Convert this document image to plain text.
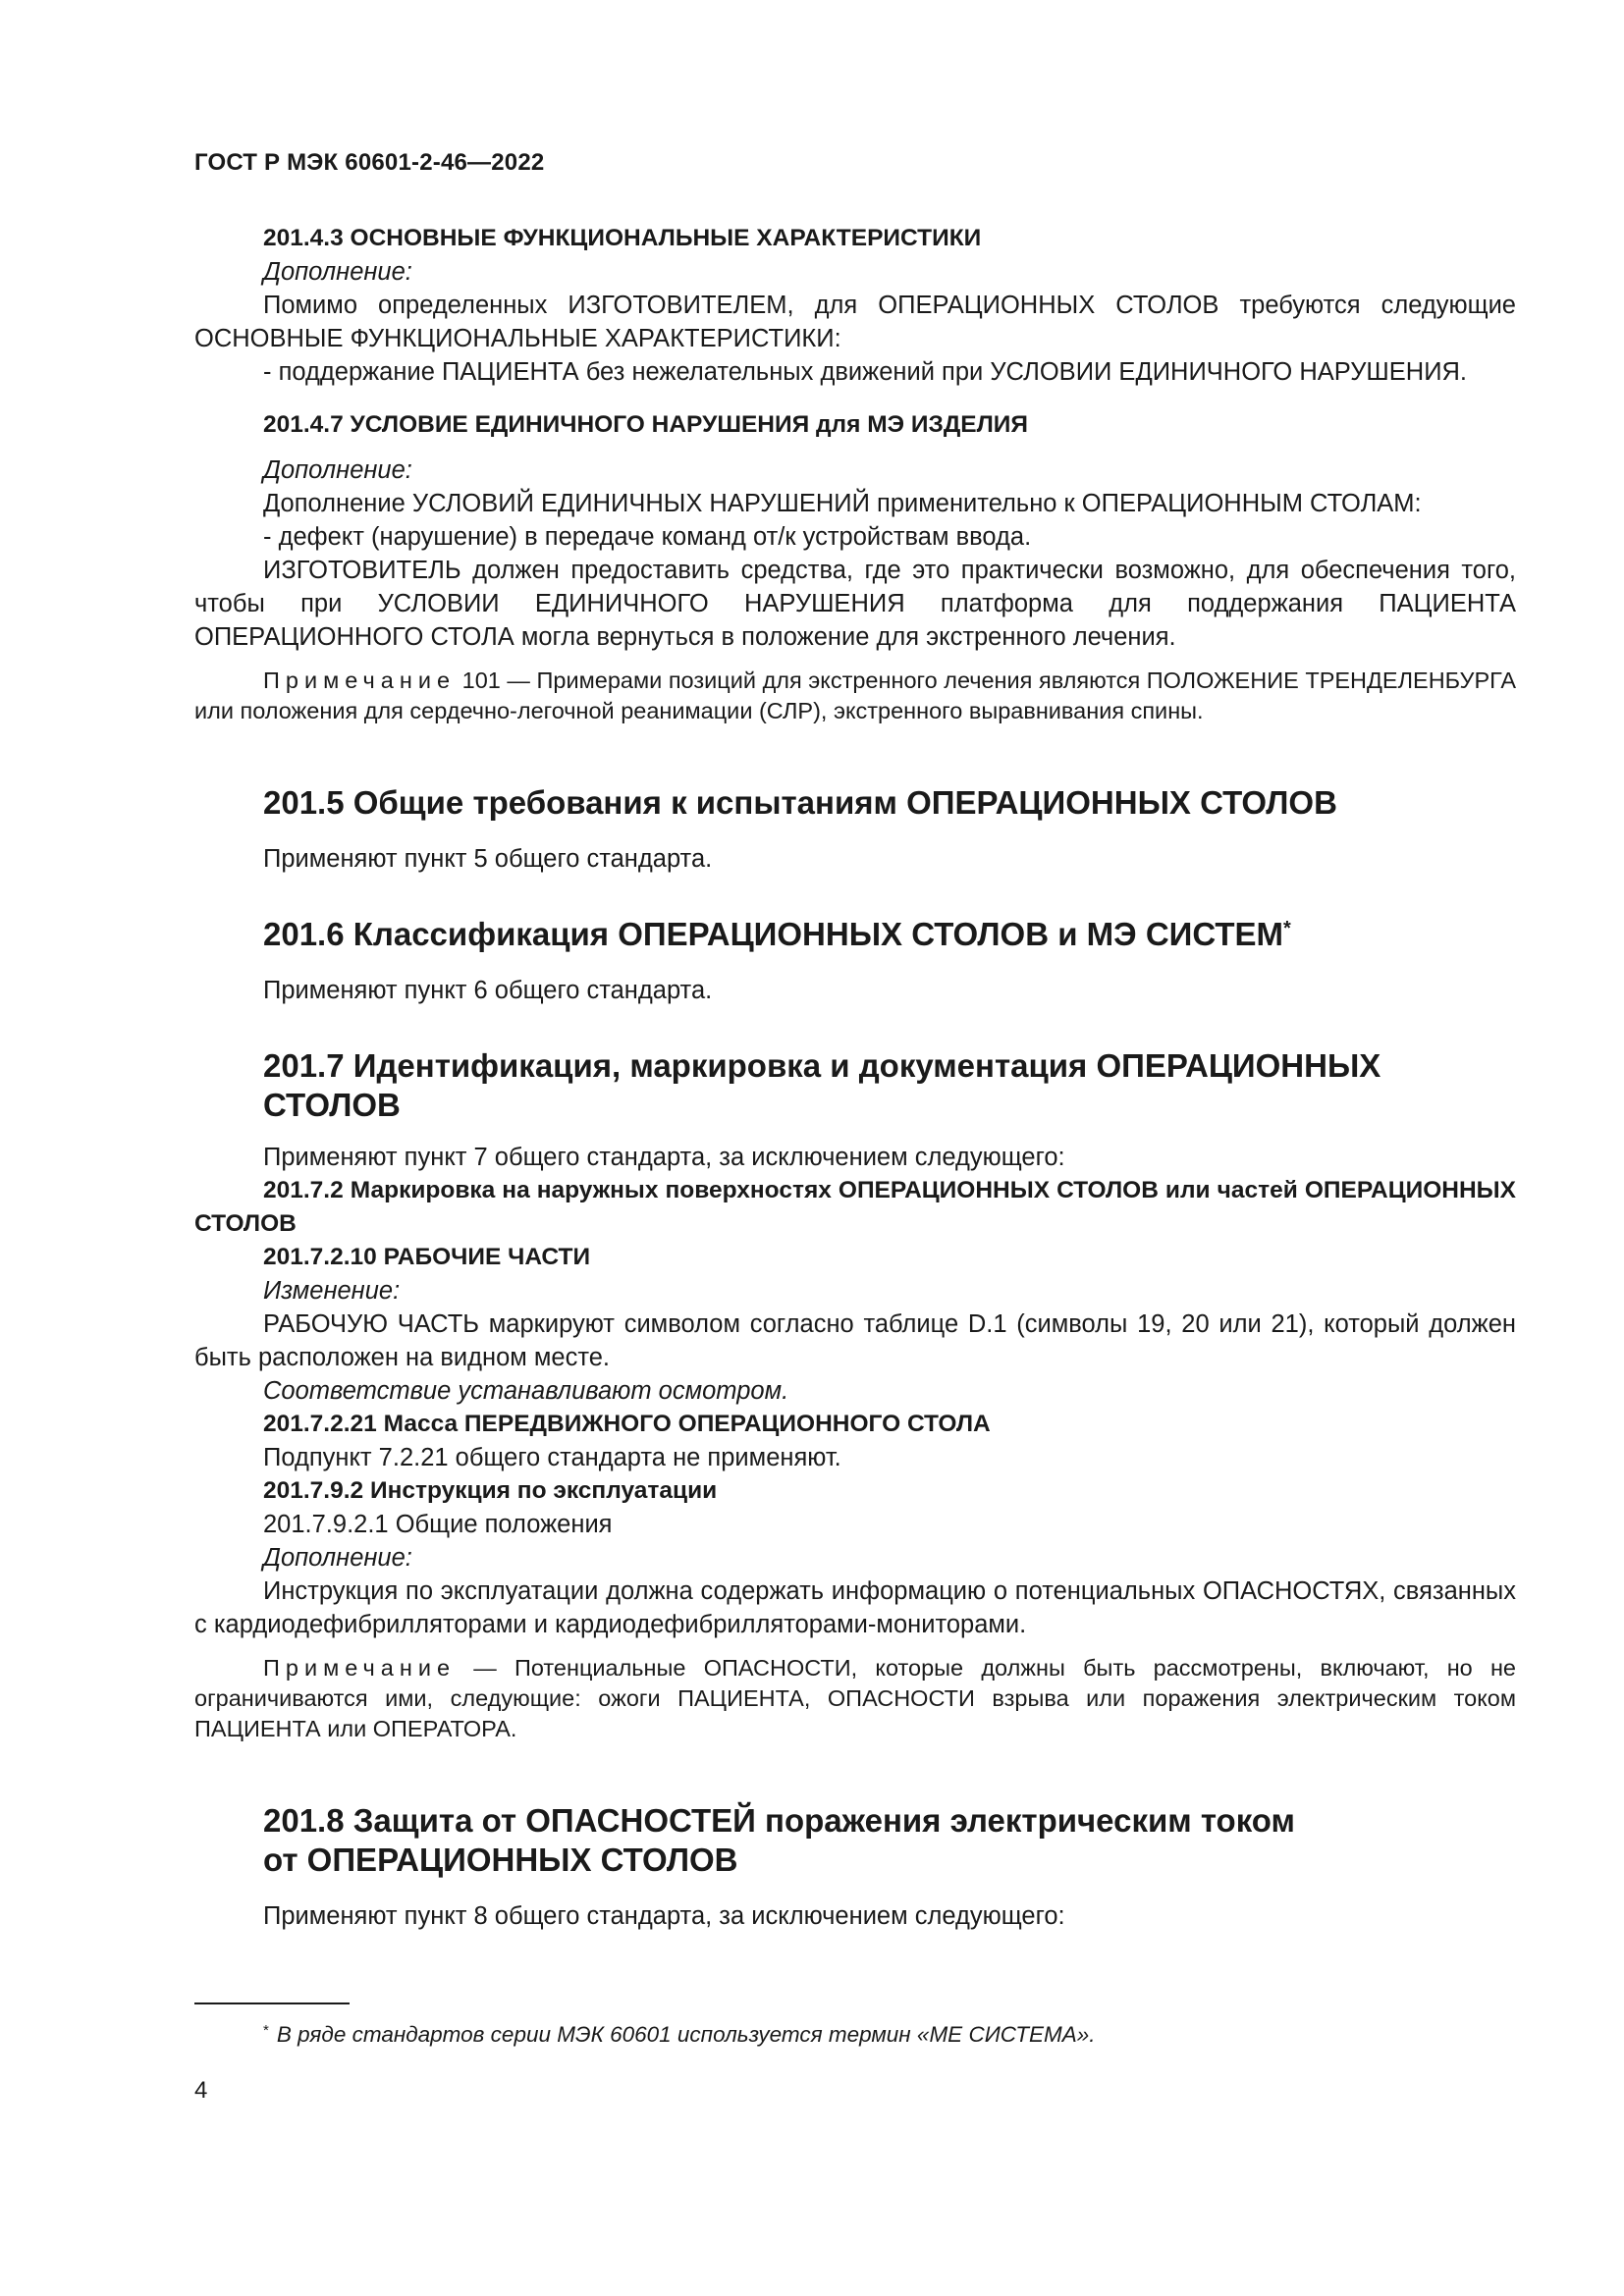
ГОСТ Р МЭК 60601-2-46—2022
201.4.3 ОСНОВНЫЕ ФУНКЦИОНАЛЬНЫЕ ХАРАКТЕРИСТИКИ

Дополнение:

Помимо определенных ИЗГОТОВИТЕЛЕМ, для ОПЕРАЦИОННЫХ СТОЛОВ требуются следующие ОСНОВНЫЕ ФУНКЦИОНАЛЬНЫЕ ХАРАКТЕРИСТИКИ:

- поддержание ПАЦИЕНТА без нежелательных движений при УСЛОВИИ ЕДИНИЧНОГО НАРУШЕНИЯ.

201.4.7 УСЛОВИЕ ЕДИНИЧНОГО НАРУШЕНИЯ для МЭ ИЗДЕЛИЯ

Дополнение:

Дополнение УСЛОВИЙ ЕДИНИЧНЫХ НАРУШЕНИЙ применительно к ОПЕРАЦИОННЫМ СТОЛАМ:

- дефект (нарушение) в передаче команд от/к устройствам ввода.

ИЗГОТОВИТЕЛЬ должен предоставить средства, где это практически возможно, для обеспечения того, чтобы при УСЛОВИИ ЕДИНИЧНОГО НАРУШЕНИЯ платформа для поддержания ПАЦИЕНТА ОПЕРАЦИОННОГО СТОЛА могла вернуться в положение для экстренного лечения.

Примечание 101 — Примерами позиций для экстренного лечения являются ПОЛОЖЕНИЕ ТРЕНДЕЛЕНБУРГА или положения для сердечно-легочной реанимации (СЛР), экстренного выравнивания спины.

201.5 Общие требования к испытаниям ОПЕРАЦИОННЫХ СТОЛОВ

Применяют пункт 5 общего стандарта.

201.6 Классификация ОПЕРАЦИОННЫХ СТОЛОВ и МЭ СИСТЕМ*

Применяют пункт 6 общего стандарта.

201.7 Идентификация, маркировка и документация ОПЕРАЦИОННЫХ
СТОЛОВ

Применяют пункт 7 общего стандарта, за исключением следующего:

201.7.2 Маркировка на наружных поверхностях ОПЕРАЦИОННЫХ СТОЛОВ или частей ОПЕРАЦИОННЫХ СТОЛОВ

201.7.2.10 РАБОЧИЕ ЧАСТИ

Изменение:

РАБОЧУЮ ЧАСТЬ маркируют символом согласно таблице D.1 (символы 19, 20 или 21), который должен быть расположен на видном месте.

Соответствие устанавливают осмотром.

201.7.2.21 Масса ПЕРЕДВИЖНОГО ОПЕРАЦИОННОГО СТОЛА

Подпункт 7.2.21 общего стандарта не применяют.

201.7.9.2 Инструкция по эксплуатации

201.7.9.2.1 Общие положения

Дополнение:

Инструкция по эксплуатации должна содержать информацию о потенциальных ОПАСНОСТЯХ, связанных с кардиодефибрилляторами и кардиодефибрилляторами-мониторами.

Примечание — Потенциальные ОПАСНОСТИ, которые должны быть рассмотрены, включают, но не ограничиваются ими, следующие: ожоги ПАЦИЕНТА, ОПАСНОСТИ взрыва или поражения электрическим током ПАЦИЕНТА или ОПЕРАТОРА.

201.8 Защита от ОПАСНОСТЕЙ поражения электрическим током
от ОПЕРАЦИОННЫХ СТОЛОВ

Применяют пункт 8 общего стандарта, за исключением следующего:

* В ряде стандартов серии МЭК 60601 используется термин «МЕ СИСТЕМА».
4
